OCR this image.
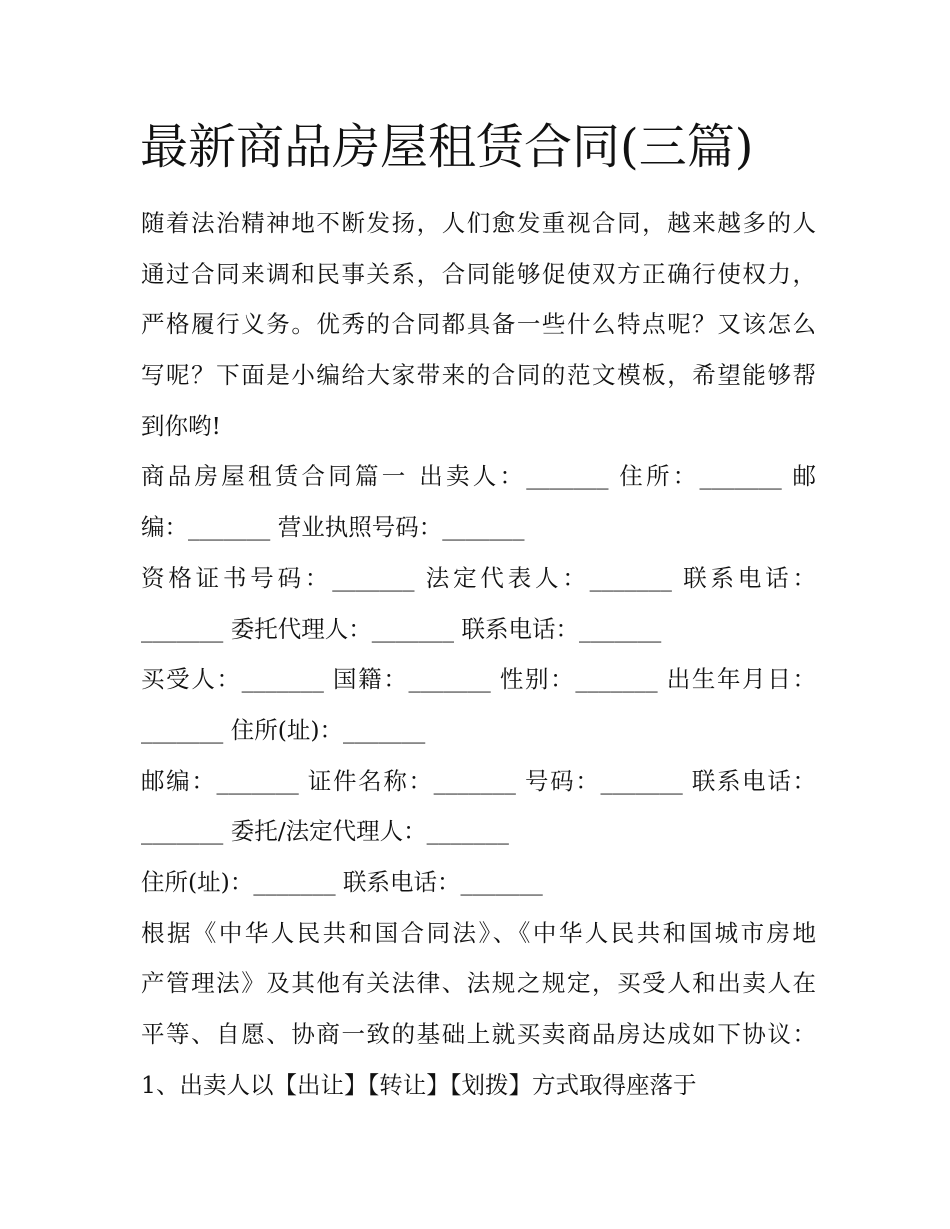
最新商品房屋租赁合同(三篇)
随着法治精神地不断发扬，人们愈发重视合同，越来越多的人
通过合同来调和民事关系，合同能够促使双方正确行使权力，
严格履行义务。优秀的合同都具备一些什么特点呢？又该怎么
写呢？下面是小编给大家带来的合同的范文模板，希望能够帮
到你哟!
商品房屋租赁合同篇一 出卖人：_______ 住所：_______ 邮
编：_______ 营业执照号码：_______
资格证书号码：_______ 法定代表人：_______ 联系电话：
_______ 委托代理人：_______ 联系电话：_______
买受人：_______ 国籍：_______ 性别：_______ 出生年月日：
_______ 住所(址)：_______
邮编：_______ 证件名称：_______ 号码：_______ 联系电话：
_______ 委托/法定代理人：_______
住所(址)：_______ 联系电话：_______
根据《中华人民共和国合同法》、《中华人民共和国城市房地
产管理法》及其他有关法律、法规之规定，买受人和出卖人在
平等、自愿、协商一致的基础上就买卖商品房达成如下协议：
1、出卖人以【出让】【转让】【划拨】方式取得座落于
